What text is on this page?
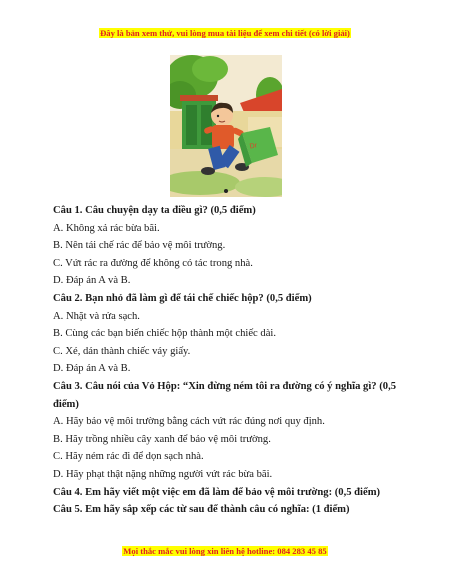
Đây là bản xem thử, vui lòng mua tài liệu để xem chi tiết (có lời giải)
Dr
Câu 1. Câu chuyện dạy ta điều gì? (0,5 điểm)
A. Không xả rác bừa bãi.
B. Nên tái chế rác để bảo vệ môi trường.
C. Vứt rác ra đường để không có tác trong nhà.
D. Đáp án A và B.
Câu 2. Bạn nhỏ đã làm gì để tái chế chiếc hộp? (0,5 điểm)
A. Nhặt và rửa sạch.
B. Cùng các bạn biến chiếc hộp thành một chiếc dài.
C. Xé, dán thành chiếc váy giấy.
D. Đáp án A và B.
Câu 3. Câu nói của Vỏ Hộp: “Xin đừng ném tôi ra đường có ý nghĩa gì? (0,5 điểm)
A. Hãy bảo vệ môi trường bằng cách vứt rác đúng nơi quy định.
B. Hãy trồng nhiều cây xanh để bảo vệ môi trường.
C. Hãy ném rác đi để dọn sạch nhà.
D. Hãy phạt thật nặng những người vứt rác bừa bãi.
Câu 4. Em hãy viết một việc em đã làm để bảo vệ môi trường: (0,5 điểm)
Câu 5. Em hãy sắp xếp các từ sau để thành câu có nghĩa: (1 điểm)
Mọi thắc mắc vui lòng xin liên hệ hotline: 084 283 45 85
